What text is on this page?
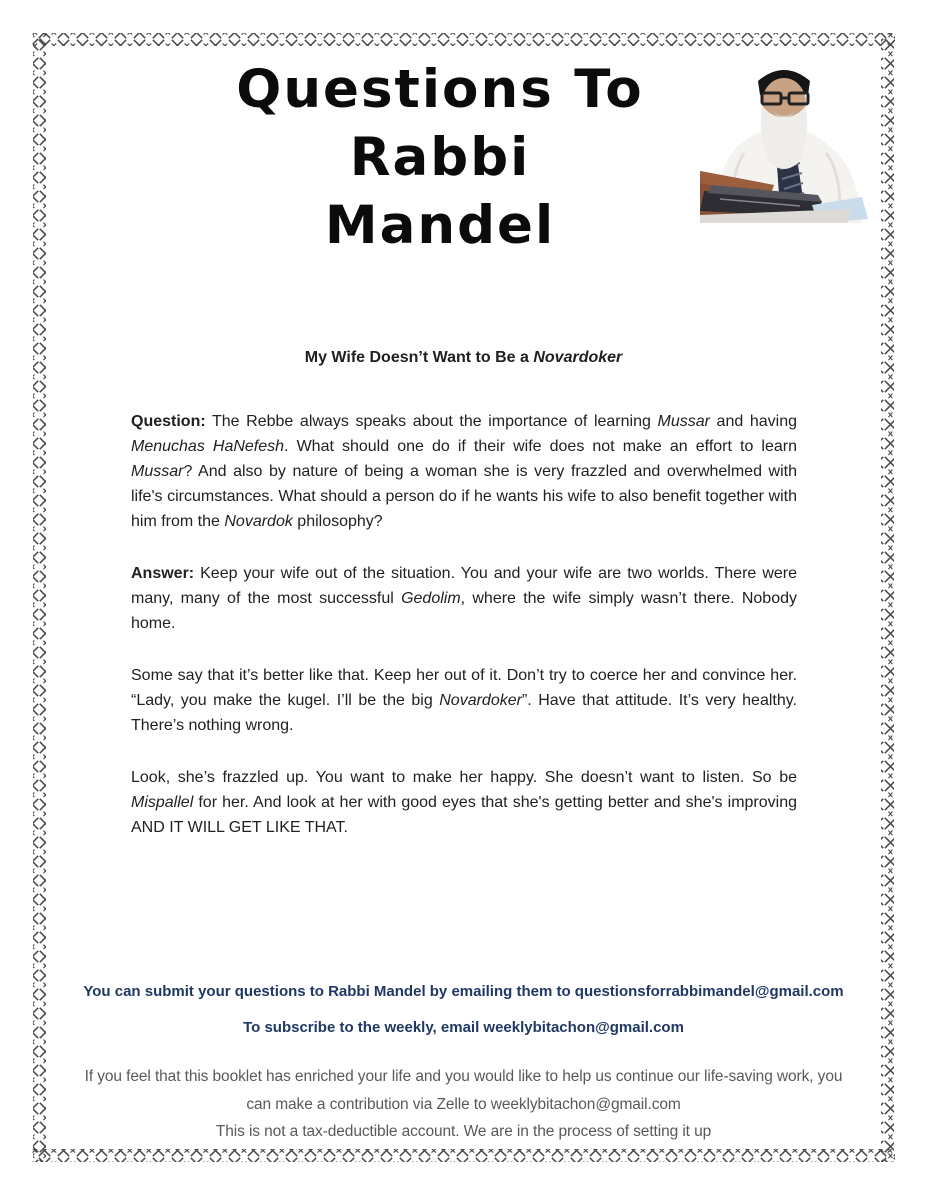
Questions To
Rabbi
Mandel
My Wife Doesn’t Want to Be a Novardoker

Question: The Rebbe always speaks about the importance of learning Mussar and having Menuchas HaNefesh. What should one do if their wife does not make an effort to learn Mussar? And also by nature of being a woman she is very frazzled and overwhelmed with life's circumstances. What should a person do if he wants his wife to also benefit together with him from the Novardok philosophy?

Answer: Keep your wife out of the situation. You and your wife are two worlds. There were many, many of the most successful Gedolim, where the wife simply wasn’t there. Nobody home.

Some say that it’s better like that. Keep her out of it. Don’t try to coerce her and convince her. “Lady, you make the kugel. I’ll be the big Novardoker”. Have that attitude. It’s very healthy. There’s nothing wrong.

Look, she’s frazzled up. You want to make her happy. She doesn’t want to listen. So be Mispallel for her. And look at her with good eyes that she's getting better and she's improving AND IT WILL GET LIKE THAT.

You can submit your questions to Rabbi Mandel by emailing them to questionsforrabbimandel@gmail.com
To subscribe to the weekly, email weeklybitachon@gmail.com
If you feel that this booklet has enriched your life and you would like to help us continue our life-saving work, you
can make a contribution via Zelle to weeklybitachon@gmail.com
This is not a tax-deductible account. We are in the process of setting it up
